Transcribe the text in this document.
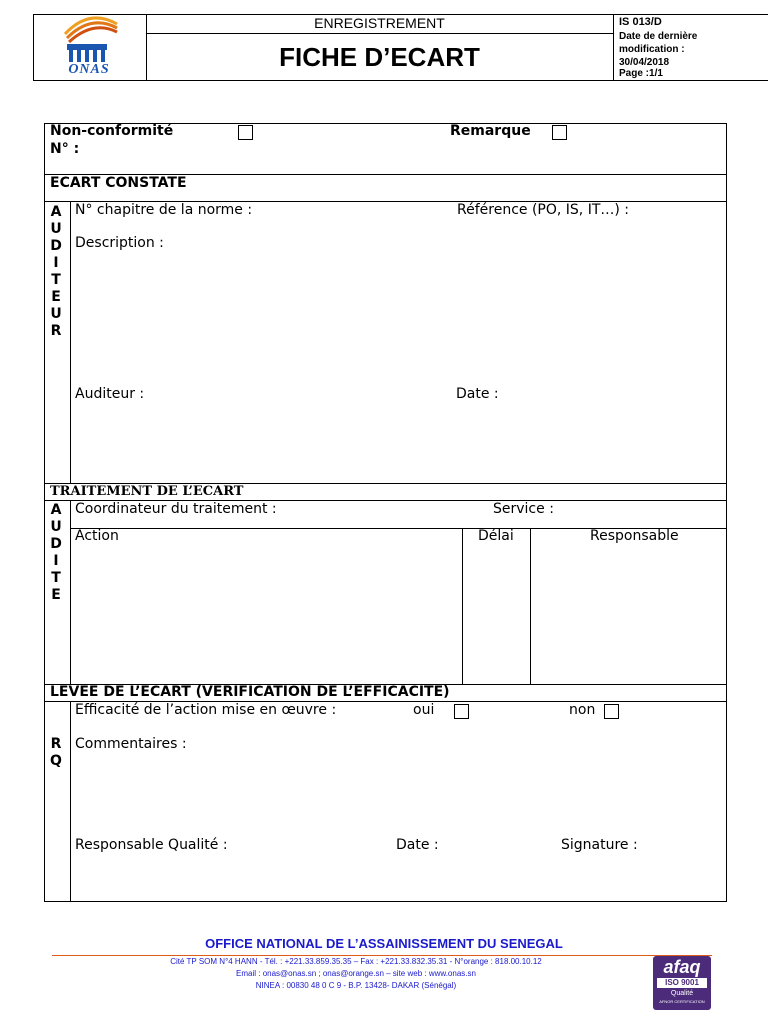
ONAS
ENREGISTREMENT
FICHE D’ECART
IS 013/D
Date de dernière modification :
30/04/2018
Page :1/1
Non-conformité
N° :
Remarque
ECART CONSTATE
A
U
D
I
T
E
U
R
N° chapitre de la norme :	Référence (PO, IS, IT…) :
Description :
Auditeur :	Date :
TRAITEMENT DE L’ECART
A
U
D
I
T
E
Coordinateur du traitement :	Service :
Action	Délai	Responsable
LEVEE DE L’ECART (VERIFICATION DE L’EFFICACITE)
R
Q
Efficacité de l’action mise en œuvre :	oui	non
Commentaires :
Responsable Qualité :	Date :	Signature :
OFFICE NATIONAL DE L’ASSAINISSEMENT DU SENEGAL
Cité TP SOM N°4 HANN - Tél. : +221.33.859.35.35 – Fax : +221.33.832.35.31 - N°orange : 818.00.10.12
Email : onas@onas.sn ; onas@orange.sn – site web : www.onas.sn
NINEA : 00830 48 0 C 9 - B.P. 13428- DAKAR (Sénégal)
afaq
ISO 9001
Qualité
AFNOR CERTIFICATION
